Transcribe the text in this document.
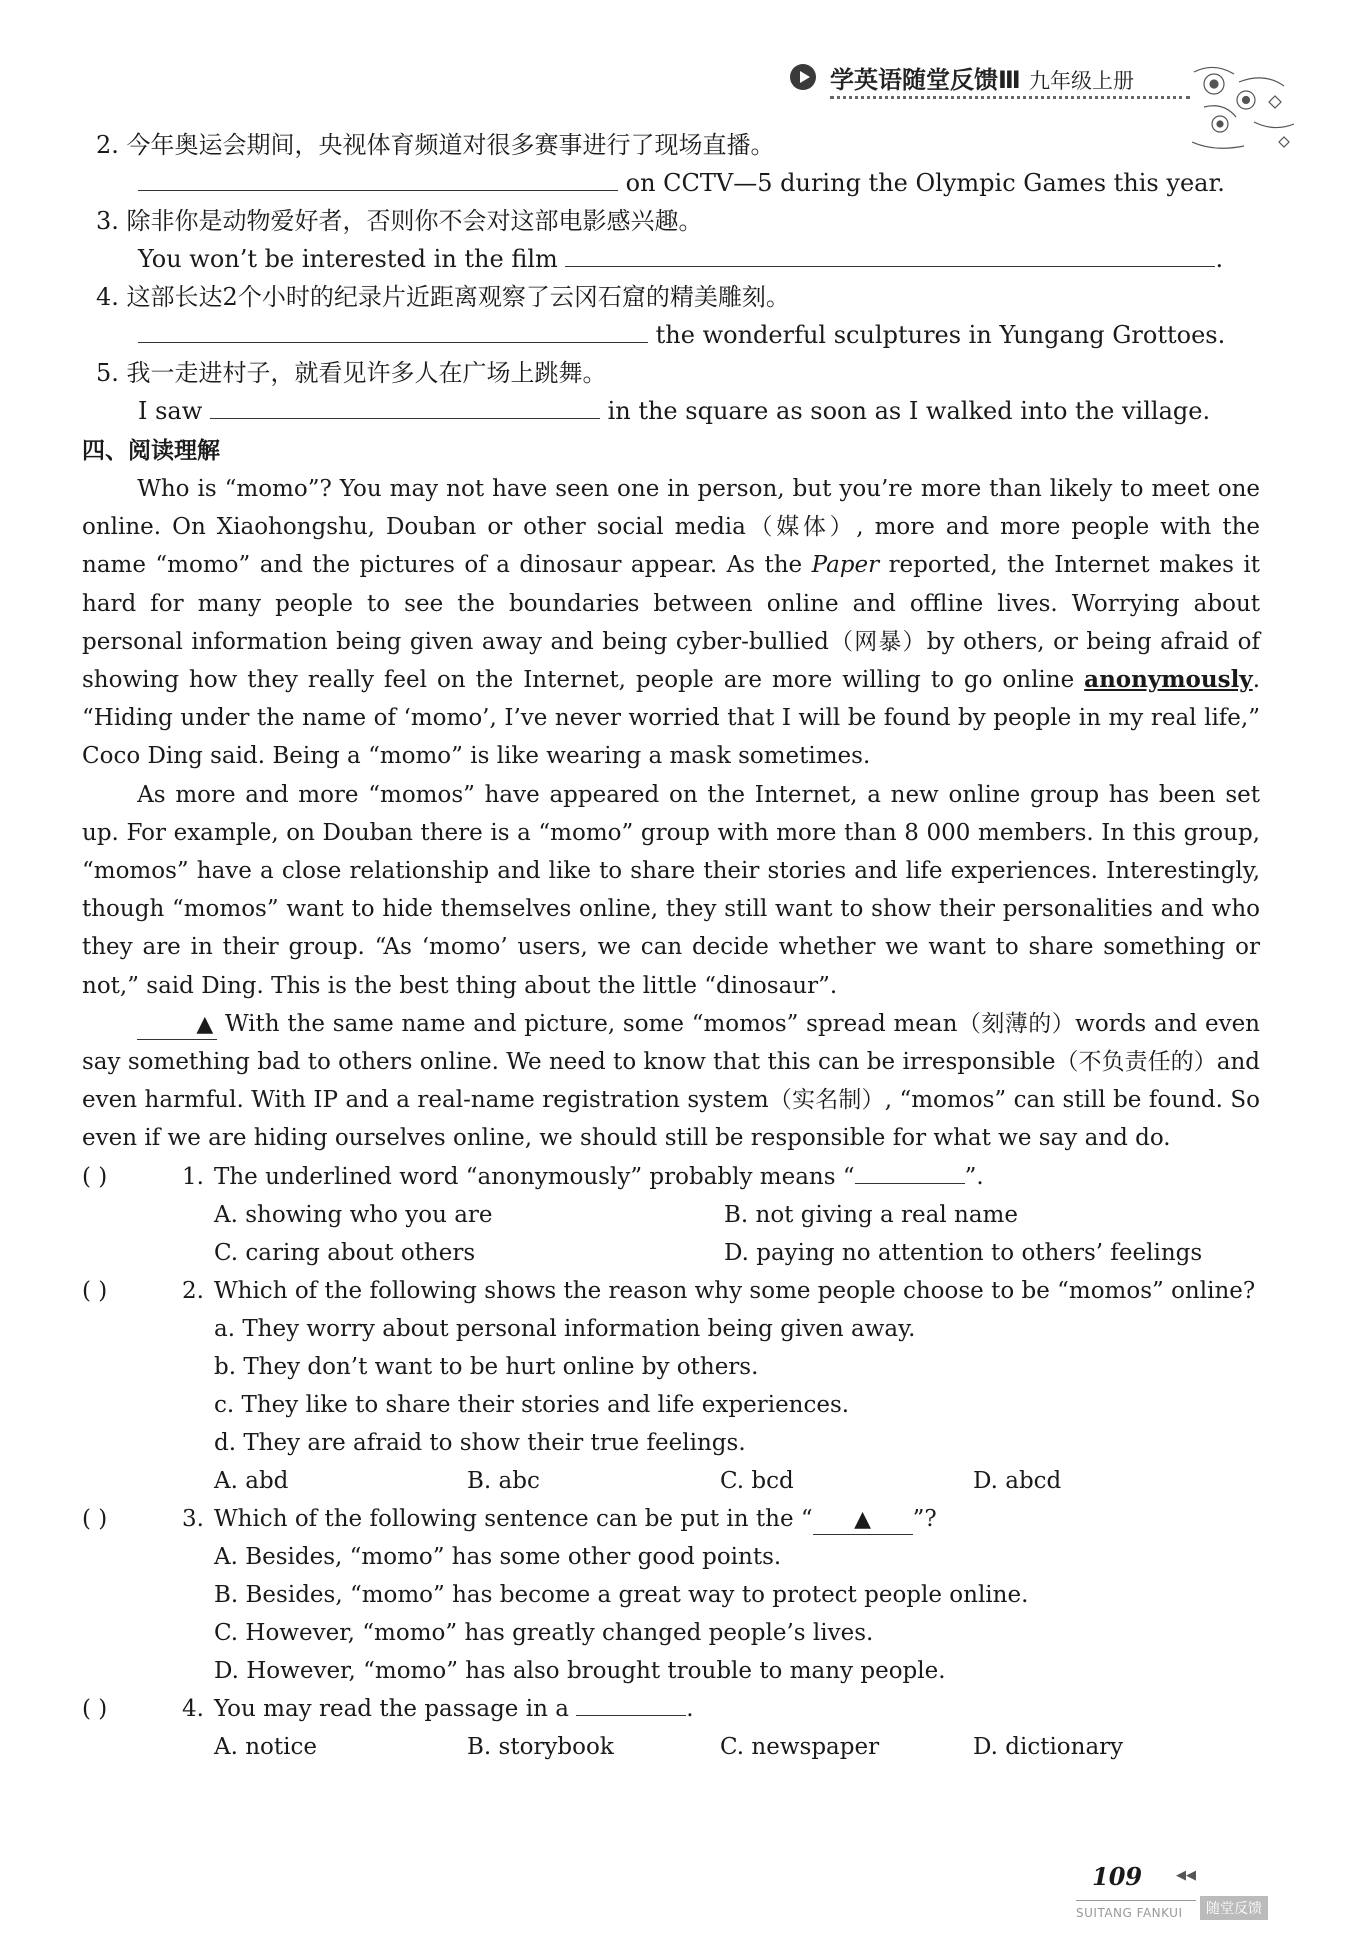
学英语随堂反馈Ⅲ 九年级上册
2. 今年奥运会期间，央视体育频道对很多赛事进行了现场直播。
on CCTV—5 during the Olympic Games this year.
3. 除非你是动物爱好者，否则你不会对这部电影感兴趣。
You won’t be interested in the film	.
4. 这部长达2个小时的纪录片近距离观察了云冈石窟的精美雕刻。
the wonderful sculptures in Yungang Grottoes.
5. 我一走进村子，就看见许多人在广场上跳舞。
I saw	in the square as soon as I walked into the village.
四、阅读理解

Who is “momo”? You may not have seen one in person, but you’re more than likely to meet one online. On Xiaohongshu, Douban or other social media（媒体）, more and more people with the name “momo” and the pictures of a dinosaur appear. As the Paper reported, the Internet makes it hard for many people to see the boundaries between online and offline lives. Worrying about personal information being given away and being cyber-bullied（网暴）by others, or being afraid of showing how they really feel on the Internet, people are more willing to go online anonymously. “Hiding under the name of ‘momo’, I’ve never worried that I will be found by people in my real life,” Coco Ding said. Being a “momo” is like wearing a mask sometimes.

As more and more “momos” have appeared on the Internet, a new online group has been set up. For example, on Douban there is a “momo” group with more than 8 000 members. In this group, “momos” have a close relationship and like to share their stories and life experiences. Interestingly, though “momos” want to hide themselves online, they still want to show their personalities and who they are in their group. “As ‘momo’ users, we can decide whether we want to share something or not,” said Ding. This is the best thing about the little “dinosaur”.

▲ With the same name and picture, some “momos” spread mean（刻薄的）words and even say something bad to others online. We need to know that this can be irresponsible（不负责任的）and even harmful. With IP and a real-name registration system（实名制）, “momos” can still be found. So even if we are hiding ourselves online, we should still be responsible for what we say and do.

( )	1. The underlined word “anonymously” probably means “	”.
A. showing who you are	B. not giving a real name
C. caring about others	D. paying no attention to others’ feelings
( )	2. Which of the following shows the reason why some people choose to be “momos” online?
a. They worry about personal information being given away.
b. They don’t want to be hurt online by others.
c. They like to share their stories and life experiences.
d. They are afraid to show their true feelings.
A. abd	B. abc	C. bcd	D. abcd
( )	3. Which of the following sentence can be put in the “▲	”?
A. Besides, “momo” has some other good points.
B. Besides, “momo” has become a great way to protect people online.
C. However, “momo” has greatly changed people’s lives.
D. However, “momo” has also brought trouble to many people.
( )	4. You may read the passage in a	.
A. notice	B. storybook	C. newspaper	D. dictionary
109	◀◀
SUITANG FANKUI	随堂反馈
